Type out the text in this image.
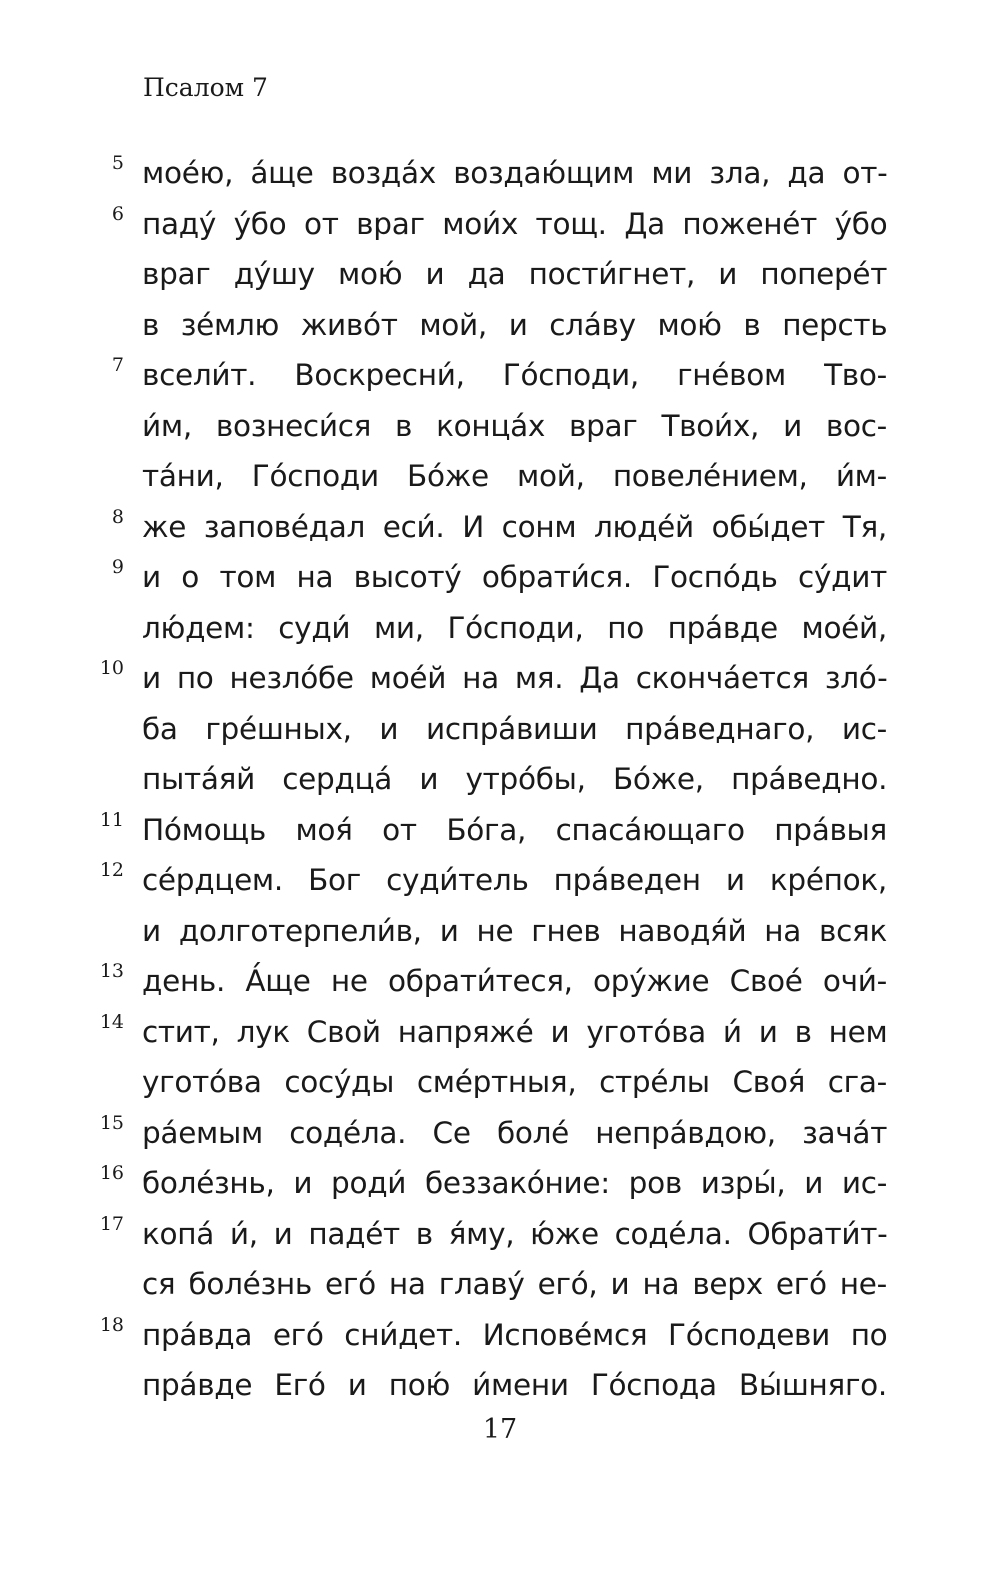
Псалом 7
5 моéю, áще воздáх воздаю́щим ми зла, да от-
6 паду́ у́бо от враг мои́х тощ. Да поженéт у́бо
враг ду́шу мою́ и да пости́гнет, и поперéт
в зéмлю живóт мой, и слáву мою́ в персть
7 всели́т. Воскресни́, Гóсподи, гнéвом Тво-
и́м, вознеси́ся в концáх враг Твои́х, и вос-
тáни, Гóсподи Бóже мой, повелéнием, и́м-
8 же заповéдал еси́. И сонм людéй обы́дет Тя,
9 и о том на высоту́ обрати́ся. Госпóдь су́дит
лю́дем: суди́ ми, Гóсподи, по прáвде моéй,
10 и по незлóбе моéй на мя. Да скончáется злó-
ба грéшных, и испрáвиши прáведнаго, ис-
пытáяй сердцá и утрóбы, Бóже, прáведно.
11 Пóмощь моя́ от Бóга, спасáющаго прáвыя
12 сéрдцем. Бог суди́тель прáведен и крéпок,
и долготерпели́в, и не гнев наводя́й на всяк
13 день. А́ще не обрати́теся, ору́жие Своé очи́-
14 стит, лук Свой напряжé и уготóва и́ и в нем
уготóва сосу́ды смéртныя, стрéлы Своя́ сга-
15 рáемым содéла. Се болé непрáвдою, зачáт
16 болéзнь, и роди́ беззакóние: ров изры́, и ис-
17 копá и́, и падéт в я́му, ю́же содéла. Обрати́т-
ся болéзнь егó на главу́ егó, и на верх егó не-
18 прáвда егó сни́дет. Исповéмся Гóсподеви по
прáвде Егó и пою́ и́мени Гóспода Вы́шняго.
17
